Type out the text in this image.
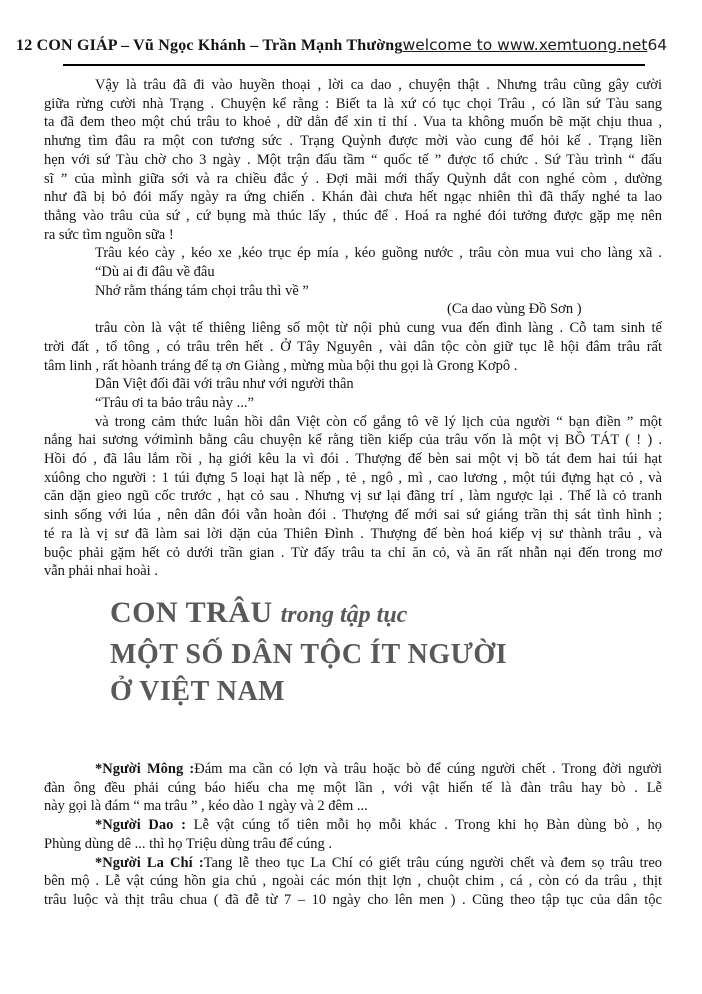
12 CON GIÁP – Vũ Ngọc Khánh – Trần Mạnh Thường welcome to www.xemtuong.net64
Vậy là trâu đã đi vào huyền thoại , lời ca dao , chuyện thật . Nhưng trâu cũng gây cười
giữa rừng cười nhà Trạng . Chuyện kể rằng : Biết ta là xứ có tục chọi Trâu , có lần sứ Tàu sang
ta đã đem theo một chú trâu to khoẻ , dữ dằn để xin tỉ thí . Vua ta không muốn bẽ mặt chịu thua ,
nhưng tìm đâu ra một con tương sức . Trạng Quỳnh được mời vào cung để hỏi kế . Trạng liền
hẹn với sứ Tàu chờ cho 3 ngày . Một trận đấu tầm “ quốc tế ” được tổ chức . Sứ Tàu trình “ đấu
sĩ ” của mình giữa sới và ra chiều đắc ý . Đợi mãi mới thấy Quỳnh dắt con nghé còm , dường
như đã bị bỏ đói mấy ngày ra ứng chiến . Khán đài chưa hết ngạc nhiên thì đã thấy nghé ta lao
thẳng vào trâu của sứ , cứ bụng mà thúc lấy , thúc để . Hoá ra nghé đói tưởng được gặp mẹ nên
ra sức tìm nguồn sữa !
Trâu kéo cày , kéo xe ,kéo trục ép mía , kéo guồng nước , trâu còn mua vui cho làng xã .
“Dù ai đi đâu về đâu
Nhớ rằm tháng tám chọi trâu thì về ”
(Ca dao vùng Đồ Sơn )
trâu còn là vật tế thiêng liêng số một từ nội phủ cung vua đến đình làng . Cỗ tam sinh tế
trời đất , tổ tông , có trâu trên hết . Ở Tây Nguyên , vài dân tộc còn giữ tục lễ hội đâm trâu rất
tâm linh , rất hòanh tráng để tạ ơn Giàng , mừng mùa bội thu gọi là Grong Kơpô .
Dân Việt đối đãi với trâu như với người thân
“Trâu ơi ta bảo trâu này ...”
và trong cảm thức luân hồi dân Việt còn cố gắng tô vẽ lý lịch của người “ bạn điền ” một
nắng hai sương vớimình bằng câu chuyện kể rằng tiền kiếp của trâu vốn là một vị BỒ TÁT ( ! ) .
Hồi đó , đã lâu lắm rồi , hạ giới kêu la vì đói . Thượng đế bèn sai một vị bồ tát đem hai túi hạt
xúông cho người : 1 túi đựng 5 loại hạt là nếp , tẻ , ngô , mì , cao lương , một túi đựng hạt cỏ , và
căn dặn gieo ngũ cốc trước , hạt cỏ sau . Nhưng vị sư lại đãng trí , làm ngược lại . Thế là cỏ tranh
sinh sống với lúa , nên dân đói vẫn hoàn đói . Thượng đế mới sai sứ giáng trần thị sát tình hình ;
té ra là vị sư đã làm sai lời dặn của Thiên Đình . Thượng đế bèn hoá kiếp vị sư thành trâu , và
buộc phải gặm hết cỏ dưới trần gian . Từ đấy trâu ta chỉ ăn cỏ, và ăn rất nhẫn nại đến trong mơ
vẫn phải nhai hoài .
CON TRÂU trong tập tục
MỘT SỐ DÂN TỘC ÍT NGƯỜI
Ở VIỆT NAM
*Người Mông :Đám ma cần có lợn và trâu hoặc bò để cúng người chết . Trong đời người
đàn ông đều phải cúng báo hiếu cha mẹ một lần , với vật hiến tế là đàn trâu hay bò . Lễ
này gọi là đám “ ma trâu ” , kéo dào 1 ngày và 2 đêm ...
*Người Dao : Lễ vật cúng tổ tiên mỗi họ mỗi khác . Trong khi họ Bàn dùng bò , họ
Phùng dùng dê ... thì họ Triệu dùng trâu để cúng .
*Người La Chí :Tang lễ theo tục La Chí có giết trâu cúng người chết và đem sọ trâu treo
bên mộ . Lễ vật cúng hồn gia chủ , ngoài các món thịt lợn , chuột chim , cá , còn có da trâu , thịt
trâu luộc và thịt trâu chua ( đã đễ từ 7 – 10 ngày cho lên men ) . Cũng theo tập tục của dân tộc
